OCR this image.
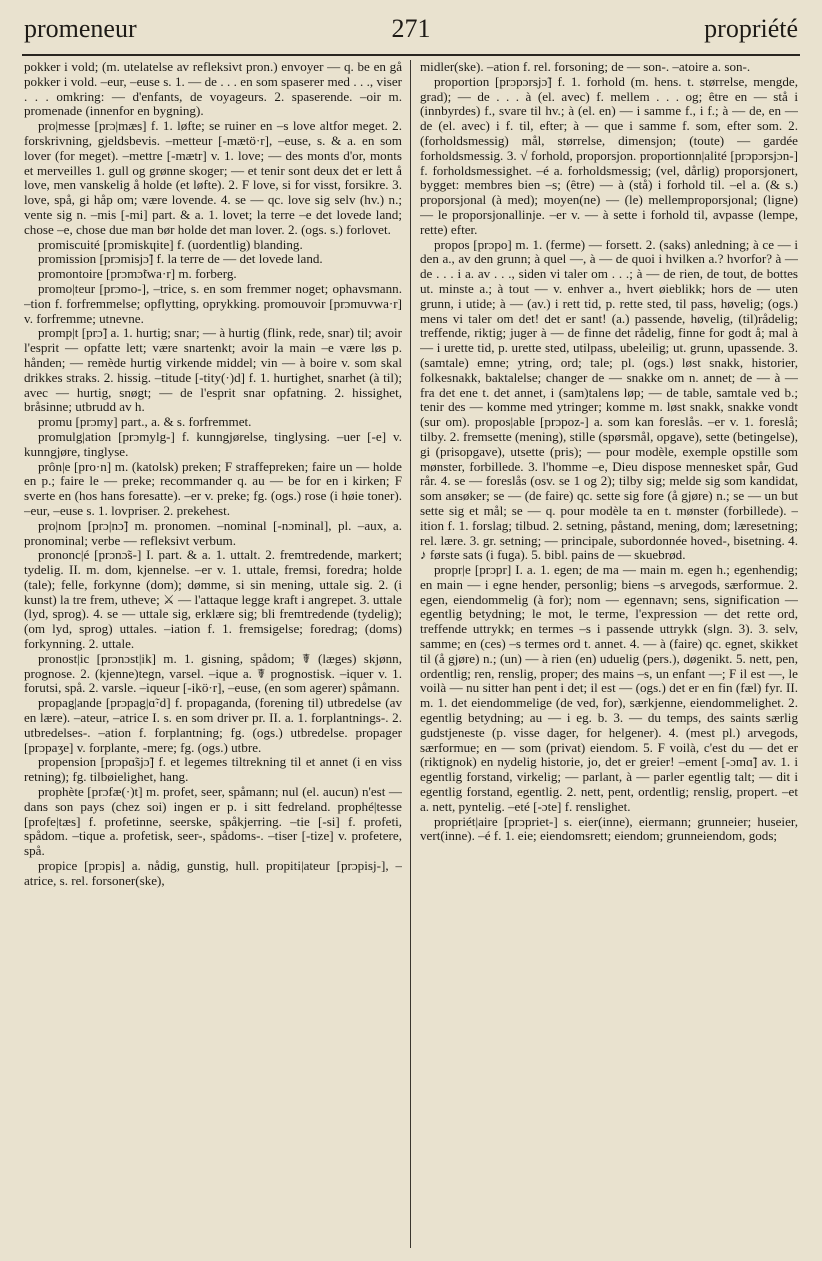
promeneur	271	propriété

pokker i vold; (m. utelatelse av refleksivt pron.) envoyer — q. be en gå pokker i vold. –eur, –euse s. 1. — de . . . en som spaserer med . . ., viser . . . omkring: — d'enfants, de voyageurs. 2. spaserende. –oir m. promenade (innenfor en bygning).

pro|messe [prɔ|mæs] f. 1. løfte; se ruiner en –s love altfor meget. 2. forskrivning, gjeldsbevis. –metteur [-mætö·r], –euse, s. & a. en som lover (for meget). –mettre [-mætr] v. 1. love; — des monts d'or, monts et merveilles 1. gull og grønne skoger; — et tenir sont deux det er lett å love, men vanskelig å holde (et løfte). 2. F love, si for visst, forsikre. 3. love, spå, gi håp om; være lovende. 4. se — qc. love sig selv (hv.) n.; vente sig n. –mis [-mi] part. & a. 1. lovet; la terre –e det lovede land; chose –e, chose due man bør holde det man lover. 2. (ogs. s.) forlovet.

promiscuité [prɔmiskɥite] f. (uordentlig) blanding.

promission [prɔmisjɔ̃] f. la terre de — det lovede land.

promontoire [prɔmɔ̃twa·r] m. forberg.

promo|teur [prɔmo-], –trice, s. en som fremmer noget; ophavsmann. –tion f. forfremmelse; opflytting, oprykking. promouvoir [prɔmuvwa·r] v. forfremme; utnevne.

promp|t [prɔ̃] a. 1. hurtig; snar; — à hurtig (flink, rede, snar) til; avoir l'esprit — opfatte lett; være snartenkt; avoir la main –e være løs p. hånden; — remède hurtig virkende middel; vin — à boire v. som skal drikkes straks. 2. hissig. –titude [-tity(·)d] f. 1. hurtighet, snarhet (à til); avec — hurtig, snøgt; — de l'esprit snar opfatning. 2. hissighet, bråsinne; utbrudd av h.

promu [prɔmy] part., a. & s. forfremmet.

promulg|ation [prɔmylg-] f. kunngjørelse, tinglysing. –uer [-e] v. kunngjøre, tinglyse.

prôn|e [pro·n] m. (katolsk) preken; F straffepreken; faire un — holde en p.; faire le — preke; recommander q. au — be for en i kirken; F sverte en (hos hans foresatte). –er v. preke; fg. (ogs.) rose (i høie toner). –eur, –euse s. 1. lovpriser. 2. prekehest.

pro|nom [prɔ|nɔ̃] m. pronomen. –nominal [-nɔminal], pl. –aux, a. pronominal; verbe — refleksivt verbum.

prononc|é [prɔnɔ̃s-] I. part. & a. 1. uttalt. 2. fremtredende, markert; tydelig. II. m. dom, kjennelse. –er v. 1. uttale, fremsi, foredra; holde (tale); felle, forkynne (dom); dømme, si sin mening, uttale sig. 2. (i kunst) la tre frem, utheve; ⚔ — l'attaque legge kraft i angrepet. 3. uttale (lyd, sprog). 4. se — uttale sig, erklære sig; bli fremtredende (tydelig); (om lyd, sprog) uttales. –iation f. 1. fremsigelse; foredrag; (doms) forkynning. 2. uttale.

pronost|ic [prɔnɔst|ik] m. 1. gisning, spådom; ☤ (læges) skjønn, prognose. 2. (kjenne)tegn, varsel. –ique a. ☤ prognostisk. –iquer v. 1. forutsi, spå. 2. varsle. –iqueur [-ikö·r], –euse, (en som agerer) spåmann.

propag|ande [prɔpag|ɑ̃·d] f. propaganda, (forening til) utbredelse (av en lære). –ateur, –atrice I. s. en som driver pr. II. a. 1. forplantnings-. 2. utbredelses-. –ation f. forplantning; fg. (ogs.) utbredelse. propager [prɔpaʒe] v. forplante, -mere; fg. (ogs.) utbre.

propension [prɔpɑ̃sjɔ̃] f. et legemes tiltrekning til et annet (i en viss retning); fg. tilbøielighet, hang.

prophète [prɔfæ(·)t] m. profet, seer, spåmann; nul (el. aucun) n'est — dans son pays (chez soi) ingen er p. i sitt fedreland. prophé|tesse [profe|tæs] f. profetinne, seerske, spåkjerring. –tie [-si] f. profeti, spådom. –tique a. profetisk, seer-, spådoms-. –tiser [-tize] v. profetere, spå.

propice [prɔpis] a. nådig, gunstig, hull. propiti|ateur [prɔpisj-], –atrice, s. rel. forsoner(ske),

midler(ske). –ation f. rel. forsoning; de — son-. –atoire a. son-.

proportion [prɔpɔrsjɔ̃] f. 1. forhold (m. hens. t. størrelse, mengde, grad); — de . . . à (el. avec) f. mellem . . . og; être en — stå i (innbyrdes) f., svare til hv.; à (el. en) — i samme f., i f.; à — de, en — de (el. avec) i f. til, efter; à — que i samme f. som, efter som. 2. (forholdsmessig) mål, størrelse, dimensjon; (toute) — gardée forholdsmessig. 3. √ forhold, proporsjon. proportionn|alité [prɔpɔrsjɔn-] f. forholdsmessighet. –é a. forholdsmessig; (vel, dårlig) proporsjonert, bygget: membres bien –s; (être) — à (stå) i forhold til. –el a. (& s.) proporsjonal (à med); moyen(ne) — (le) mellemproporsjonal; (ligne) — le proporsjonallinje. –er v. — à sette i forhold til, avpasse (lempe, rette) efter.

propos [prɔpo] m. 1. (ferme) — forsett. 2. (saks) anledning; à ce — i den a., av den grunn; à quel —, à — de quoi i hvilken a.? hvorfor? à — de . . . i a. av . . ., siden vi taler om . . .; à — de rien, de tout, de bottes ut. minste a.; à tout — v. enhver a., hvert øieblikk; hors de — uten grunn, i utide; à — (av.) i rett tid, p. rette sted, til pass, høvelig; (ogs.) mens vi taler om det! det er sant! (a.) passende, høvelig, (til)rådelig; treffende, riktig; juger à — de finne det rådelig, finne for godt å; mal à — i urette tid, p. urette sted, utilpass, ubeleilig; ut. grunn, upassende. 3. (samtale) emne; ytring, ord; tale; pl. (ogs.) løst snakk, historier, folkesnakk, baktalelse; changer de — snakke om n. annet; de — à — fra det ene t. det annet, i (sam)talens løp; — de table, samtale ved b.; tenir des — komme med ytringer; komme m. løst snakk, snakke vondt (sur om). propos|able [prɔpoz-] a. som kan foreslås. –er v. 1. foreslå; tilby. 2. fremsette (mening), stille (spørsmål, opgave), sette (betingelse), gi (prisopgave), utsette (pris); — pour modèle, exemple opstille som mønster, forbillede. 3. l'homme –e, Dieu dispose mennesket spår, Gud rår. 4. se — foreslås (osv. se 1 og 2); tilby sig; melde sig som kandidat, som ansøker; se — (de faire) qc. sette sig fore (å gjøre) n.; se — un but sette sig et mål; se — q. pour modèle ta en t. mønster (forbillede). –ition f. 1. forslag; tilbud. 2. setning, påstand, mening, dom; læresetning; rel. lære. 3. gr. setning; — principale, subordonnée hoved-, bisetning. 4. ♪ første sats (i fuga). 5. bibl. pains de — skuebrød.

propr|e [prɔpr] I. a. 1. egen; de ma — main m. egen h.; egenhendig; en main — i egne hender, personlig; biens –s arvegods, særformue. 2. egen, eiendommelig (à for); nom — egennavn; sens, signification — egentlig betydning; le mot, le terme, l'expression — det rette ord, treffende uttrykk; en termes –s i passende uttrykk (slgn. 3). 3. selv, samme; en (ces) –s termes ord t. annet. 4. — à (faire) qc. egnet, skikket til (å gjøre) n.; (un) — à rien (en) uduelig (pers.), døgenikt. 5. nett, pen, ordentlig; ren, renslig, proper; des mains –s, un enfant —; F il est —, le voilà — nu sitter han pent i det; il est — (ogs.) det er en fin (fæl) fyr. II. m. 1. det eiendommelige (de ved, for), særkjenne, eiendommelighet. 2. egentlig betydning; au — i eg. b. 3. — du temps, des saints særlig gudstjeneste (p. visse dager, for helgener). 4. (mest pl.) arvegods, særformue; en — som (privat) eiendom. 5. F voilà, c'est du — det er (riktignok) en nydelig historie, jo, det er greier! –ement [-ɔmɑ̃] av. 1. i egentlig forstand, virkelig; — parlant, à — parler egentlig talt; — dit i egentlig forstand, egentlig. 2. nett, pent, ordentlig; renslig, propert. –et a. nett, pyntelig. –eté [-ɔte] f. renslighet.

propriét|aire [prɔpriet-] s. eier(inne), eiermann; grunneier; huseier, vert(inne). –é f. 1. eie; eiendomsrett; eiendom; grunneiendom, gods;
